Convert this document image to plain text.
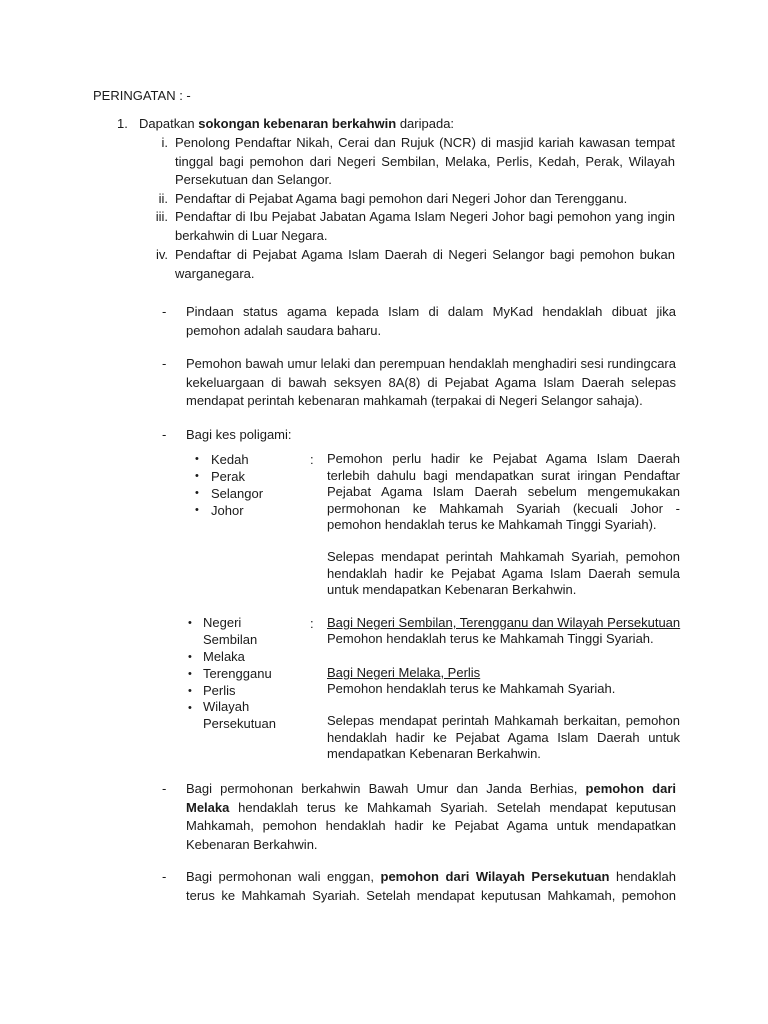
PERINGATAN : -
1. Dapatkan sokongan kebenaran berkahwin daripada:
i. Penolong Pendaftar Nikah, Cerai dan Rujuk (NCR) di masjid kariah kawasan tempat tinggal bagi pemohon dari Negeri Sembilan, Melaka, Perlis, Kedah, Perak, Wilayah Persekutuan dan Selangor.
ii. Pendaftar di Pejabat Agama bagi pemohon dari Negeri Johor dan Terengganu.
iii. Pendaftar di Ibu Pejabat Jabatan Agama Islam Negeri Johor bagi pemohon yang ingin berkahwin di Luar Negara.
iv. Pendaftar di Pejabat Agama Islam Daerah di Negeri Selangor bagi pemohon bukan warganegara.
- Pindaan status agama kepada Islam di dalam MyKad hendaklah dibuat jika pemohon adalah saudara baharu.
- Pemohon bawah umur lelaki dan perempuan hendaklah menghadiri sesi rundingcara kekeluargaan di bawah seksyen 8A(8) di Pejabat Agama Islam Daerah selepas mendapat perintah kebenaran mahkamah (terpakai di Negeri Selangor sahaja).
- Bagi kes poligami:
• Kedah
• Perak
• Selangor
• Johor
: Pemohon perlu hadir ke Pejabat Agama Islam Daerah terlebih dahulu bagi mendapatkan surat iringan Pendaftar Pejabat Agama Islam Daerah sebelum mengemukakan permohonan ke Mahkamah Syariah (kecuali Johor - pemohon hendaklah terus ke Mahkamah Tinggi Syariah).
Selepas mendapat perintah Mahkamah Syariah, pemohon hendaklah hadir ke Pejabat Agama Islam Daerah semula untuk mendapatkan Kebenaran Berkahwin.
• Negeri Sembilan
• Melaka
• Terengganu
• Perlis
• Wilayah Persekutuan
: Bagi Negeri Sembilan, Terengganu dan Wilayah Persekutuan
Pemohon hendaklah terus ke Mahkamah Tinggi Syariah.
Bagi Negeri Melaka, Perlis
Pemohon hendaklah terus ke Mahkamah Syariah.
Selepas mendapat perintah Mahkamah berkaitan, pemohon hendaklah hadir ke Pejabat Agama Islam Daerah untuk mendapatkan Kebenaran Berkahwin.
- Bagi permohonan berkahwin Bawah Umur dan Janda Berhias, pemohon dari Melaka hendaklah terus ke Mahkamah Syariah. Setelah mendapat keputusan Mahkamah, pemohon hendaklah hadir ke Pejabat Agama untuk mendapatkan Kebenaran Berkahwin.
- Bagi permohonan wali enggan, pemohon dari Wilayah Persekutuan hendaklah terus ke Mahkamah Syariah. Setelah mendapat keputusan Mahkamah, pemohon
